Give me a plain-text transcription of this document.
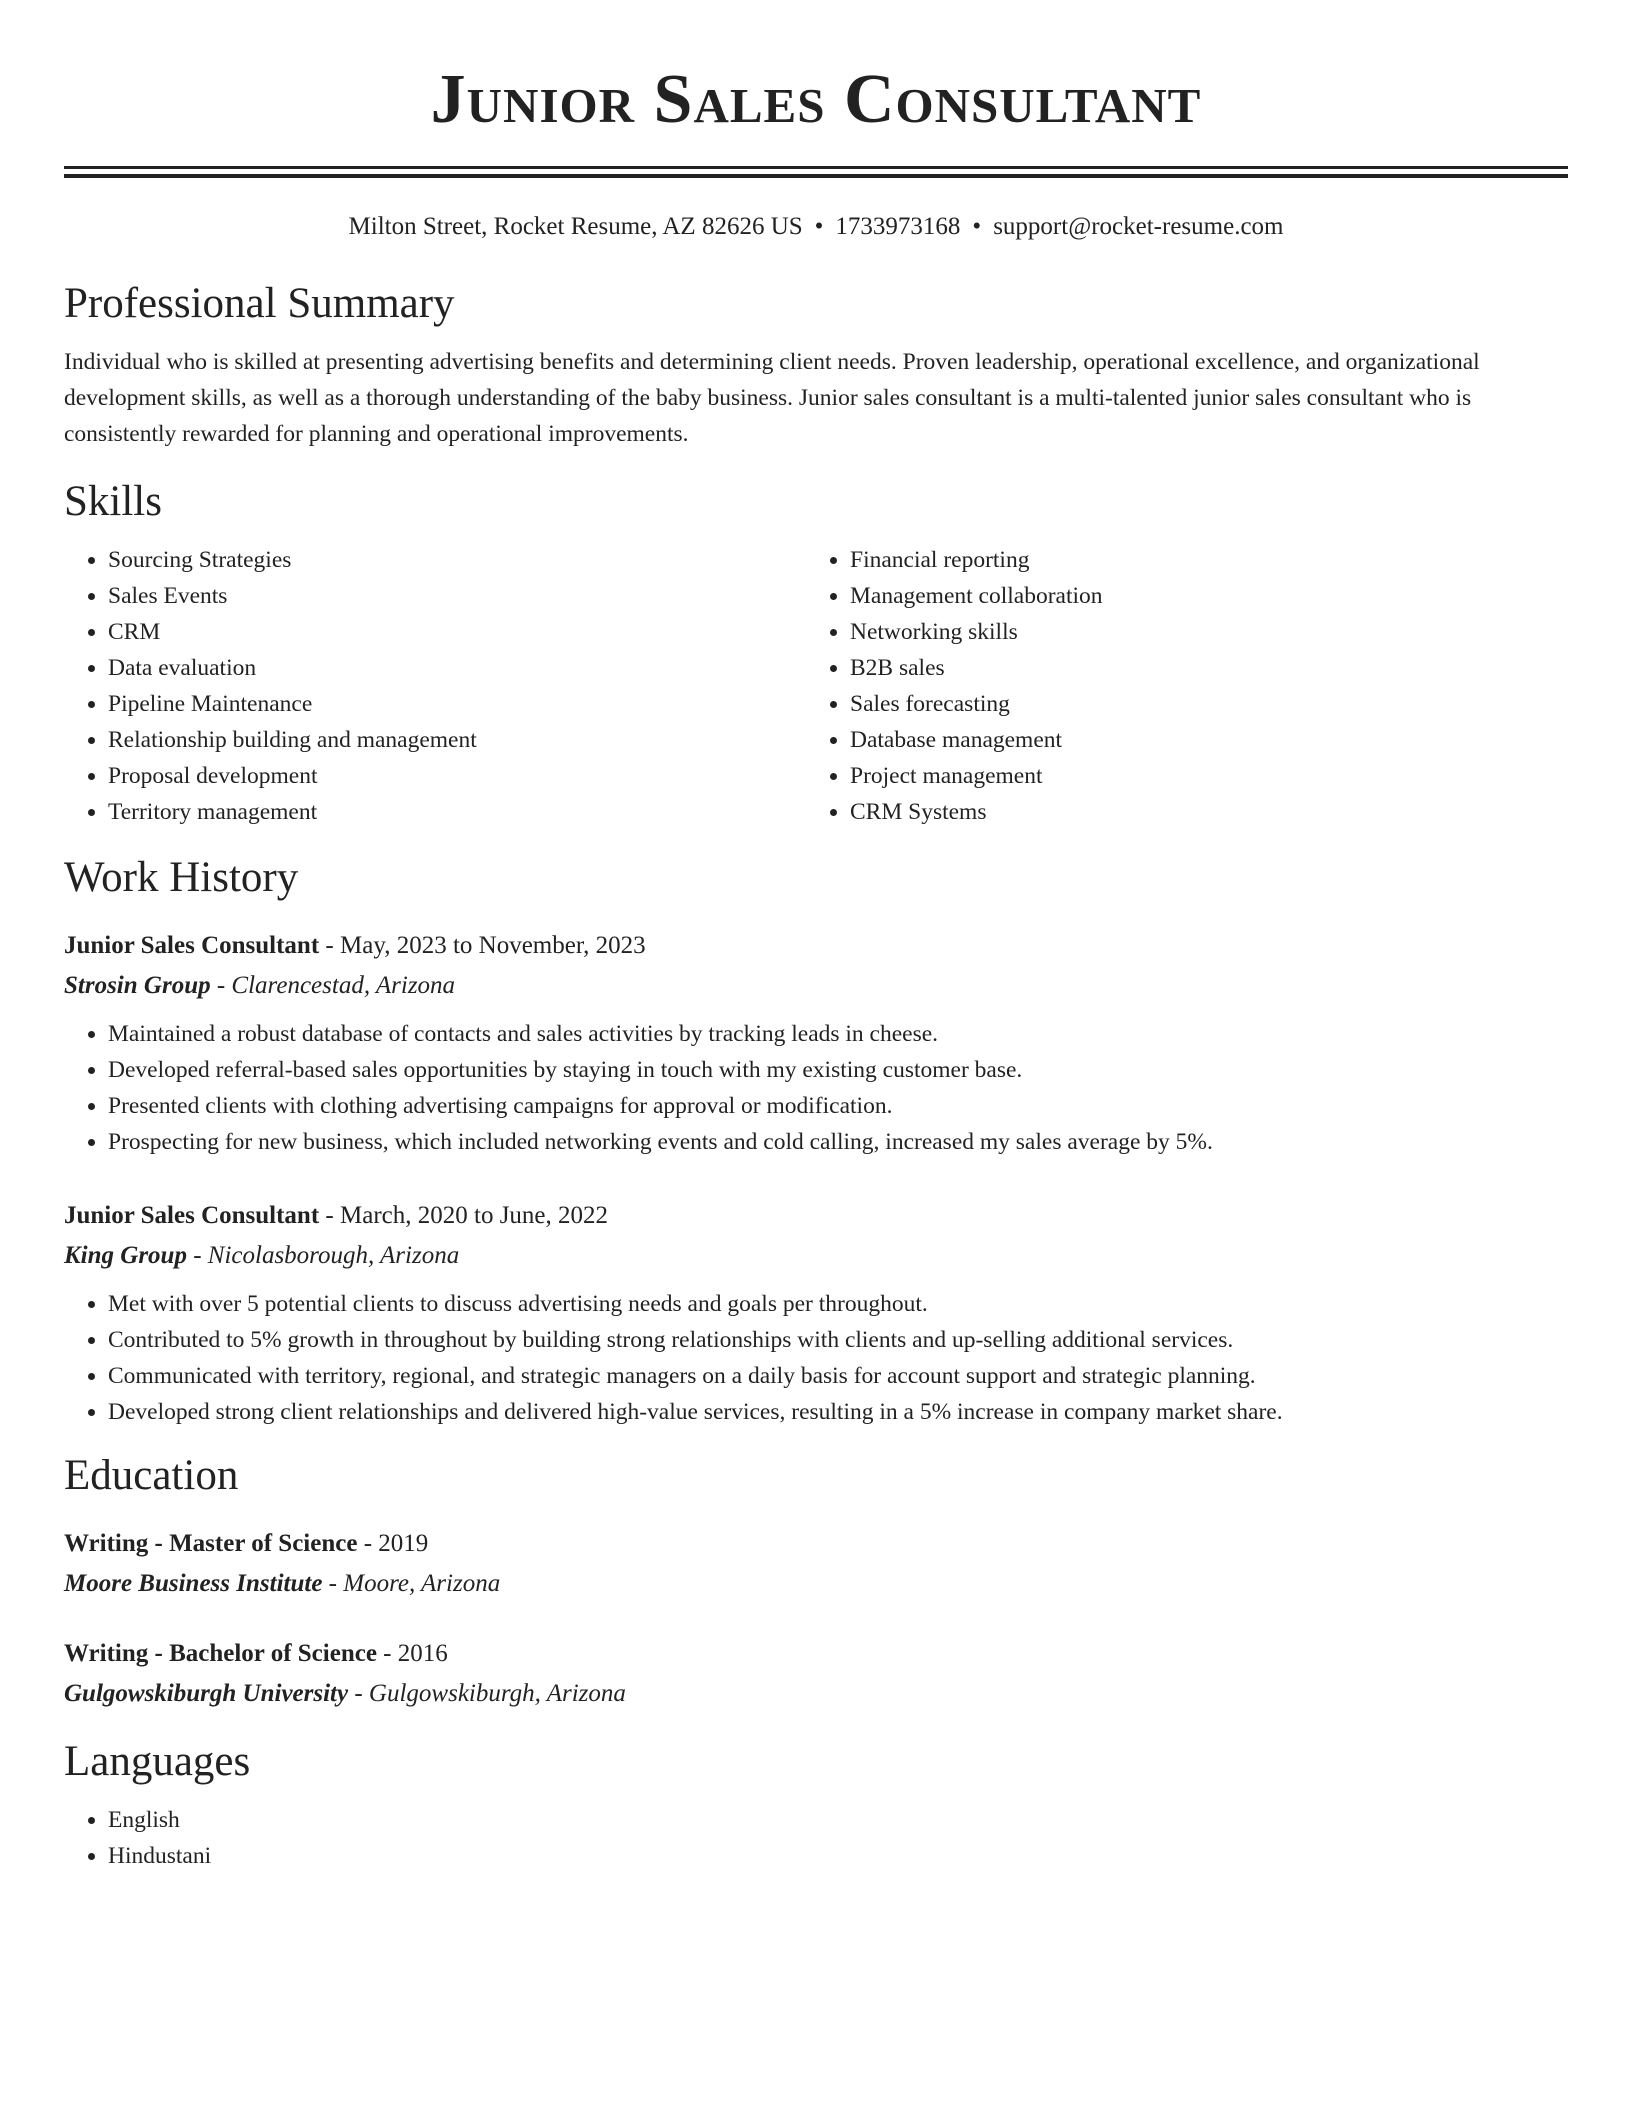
Junior Sales Consultant
Milton Street, Rocket Resume, AZ 82626 US • 1733973168 • support@rocket-resume.com
Professional Summary

Individual who is skilled at presenting advertising benefits and determining client needs. Proven leadership, operational excellence, and organizational development skills, as well as a thorough understanding of the baby business. Junior sales consultant is a multi-talented junior sales consultant who is consistently rewarded for planning and operational improvements.

Skills
• Sourcing Strategies
• Sales Events
• CRM
• Data evaluation
• Pipeline Maintenance
• Relationship building and management
• Proposal development
• Territory management
• Financial reporting
• Management collaboration
• Networking skills
• B2B sales
• Sales forecasting
• Database management
• Project management
• CRM Systems
Work History
Junior Sales Consultant - May, 2023 to November, 2023
Strosin Group - Clarencestad, Arizona
• Maintained a robust database of contacts and sales activities by tracking leads in cheese.
• Developed referral-based sales opportunities by staying in touch with my existing customer base.
• Presented clients with clothing advertising campaigns for approval or modification.
• Prospecting for new business, which included networking events and cold calling, increased my sales average by 5%.
Junior Sales Consultant - March, 2020 to June, 2022
King Group - Nicolasborough, Arizona
• Met with over 5 potential clients to discuss advertising needs and goals per throughout.
• Contributed to 5% growth in throughout by building strong relationships with clients and up-selling additional services.
• Communicated with territory, regional, and strategic managers on a daily basis for account support and strategic planning.
• Developed strong client relationships and delivered high-value services, resulting in a 5% increase in company market share.
Education
Writing - Master of Science - 2019
Moore Business Institute - Moore, Arizona
Writing - Bachelor of Science - 2016
Gulgowskiburgh University - Gulgowskiburgh, Arizona
Languages
• English
• Hindustani
